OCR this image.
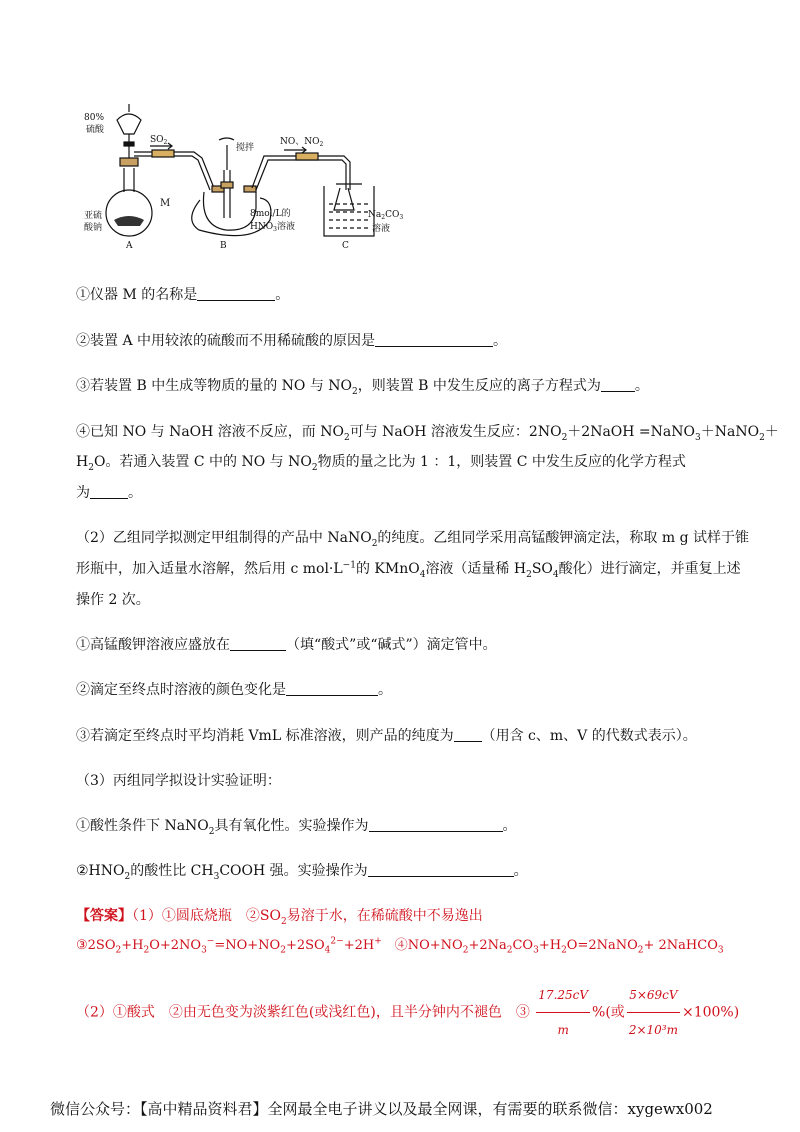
80%
硫酸
$SO_2$
M
亚硫
酸钠
A
搅拌
NO、$NO_2$
8mol/L的
$HNO_3$溶液
B
$Na_2CO_3$
溶液
C
①仪器 M 的名称是	。
②装置 A 中用较浓的硫酸而不用稀硫酸的原因是	。
③若装置 B 中生成等物质的量的 NO 与 $NO_2$，则装置 B 中发生反应的离子方程式为 。
④已知 NO 与 NaOH 溶液不反应，而 $NO_2$可与 NaOH 溶液发生反应：$2NO_2+2NaOH$ =NaNO$_3$＋NaNO$_2$＋
$H_2O$。若通入装置 C 中的 NO 与 $NO_2$物质的量之比为 1 ：1，则装置 C 中发生反应的化学方程式
为	。
（2）乙组同学拟测定甲组制得的产品中 NaNO$_2$的纯度。乙组同学采用高锰酸钾滴定法，称取 m g 试样于锥
形瓶中，加入适量水溶解，然后用 c $mol\cdot L^{-1}$的 KMnO$_4$溶液（适量稀 $H_2SO_4$酸化）进行滴定，并重复上述
操作 2 次。
①高锰酸钾溶液应盛放在	（填“酸式”或“碱式”）滴定管中。
②滴定至终点时溶液的颜色变化是	。
③若滴定至终点时平均消耗 VmL 标准溶液，则产品的纯度为 （用含 c、m、V 的代数式表示）。
（3）丙组同学拟设计实验证明：
①酸性条件下 NaNO$_2$具有氧化性。实验操作为	。
$②HNO_2$的酸性比 $CH_3COOH$ 强。实验操作为	。
【答案】（1）①圆底烧瓶　$②SO_2$易溶于水，在稀硫酸中不易逸出
$③2SO_2+H_2O+2NO_3^-=NO+NO_2+2SO_4^{2-}+2H^+$　$④NO+NO_2+2Na_2CO_3+H_2O=2NaNO_2+$ 2NaHCO$_3$
（2）①酸式　②由无色变为淡紫红色(或浅红色)，且半分钟内不褪色　③ $\frac{17.25cV}{m}$ %(或 $\frac{5\times 69cV}{\text{2×10³m}} \times 100\%$)
微信公众号：【高中精品资料君】全网最全电子讲义以及最全网课，有需要的联系微信：xygewx002
